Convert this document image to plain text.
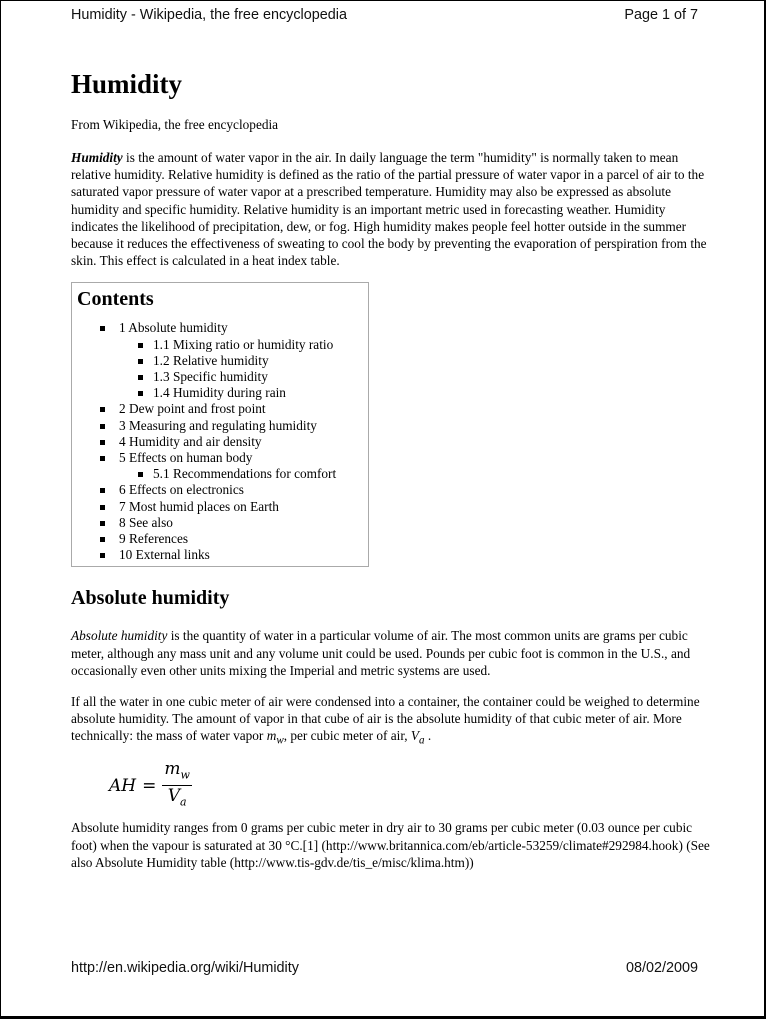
Humidity - Wikipedia, the free encyclopedia	Page 1 of 7
Humidity
From Wikipedia, the free encyclopedia

Humidity is the amount of water vapor in the air. In daily language the term "humidity" is normally taken to mean relative humidity. Relative humidity is defined as the ratio of the partial pressure of water vapor in a parcel of air to the saturated vapor pressure of water vapor at a prescribed temperature. Humidity may also be expressed as absolute humidity and specific humidity. Relative humidity is an important metric used in forecasting weather. Humidity indicates the likelihood of precipitation, dew, or fog. High humidity makes people feel hotter outside in the summer because it reduces the effectiveness of sweating to cool the body by preventing the evaporation of perspiration from the skin. This effect is calculated in a heat index table.

Contents
1 Absolute humidity
1.1 Mixing ratio or humidity ratio
1.2 Relative humidity
1.3 Specific humidity
1.4 Humidity during rain
2 Dew point and frost point
3 Measuring and regulating humidity
4 Humidity and air density
5 Effects on human body
5.1 Recommendations for comfort
6 Effects on electronics
7 Most humid places on Earth
8 See also
9 References
10 External links
Absolute humidity

Absolute humidity is the quantity of water in a particular volume of air. The most common units are grams per cubic meter, although any mass unit and any volume unit could be used. Pounds per cubic foot is common in the U.S., and occasionally even other units mixing the Imperial and metric systems are used.

If all the water in one cubic meter of air were condensed into a container, the container could be weighed to determine absolute humidity. The amount of vapor in that cube of air is the absolute humidity of that cubic meter of air. More technically: the mass of water vapor $m_w$, per cubic meter of air, $V_a$ .

AH = $\frac{m_w}{V_a}$

Absolute humidity ranges from 0 grams per cubic meter in dry air to 30 grams per cubic meter (0.03 ounce per cubic foot) when the vapour is saturated at 30 °C.[1] (http://www.britannica.com/eb/article-53259/climate#292984.hook) (See also Absolute Humidity table (http://www.tis-gdv.de/tis_e/misc/klima.htm))

http://en.wikipedia.org/wiki/Humidity	08/02/2009
